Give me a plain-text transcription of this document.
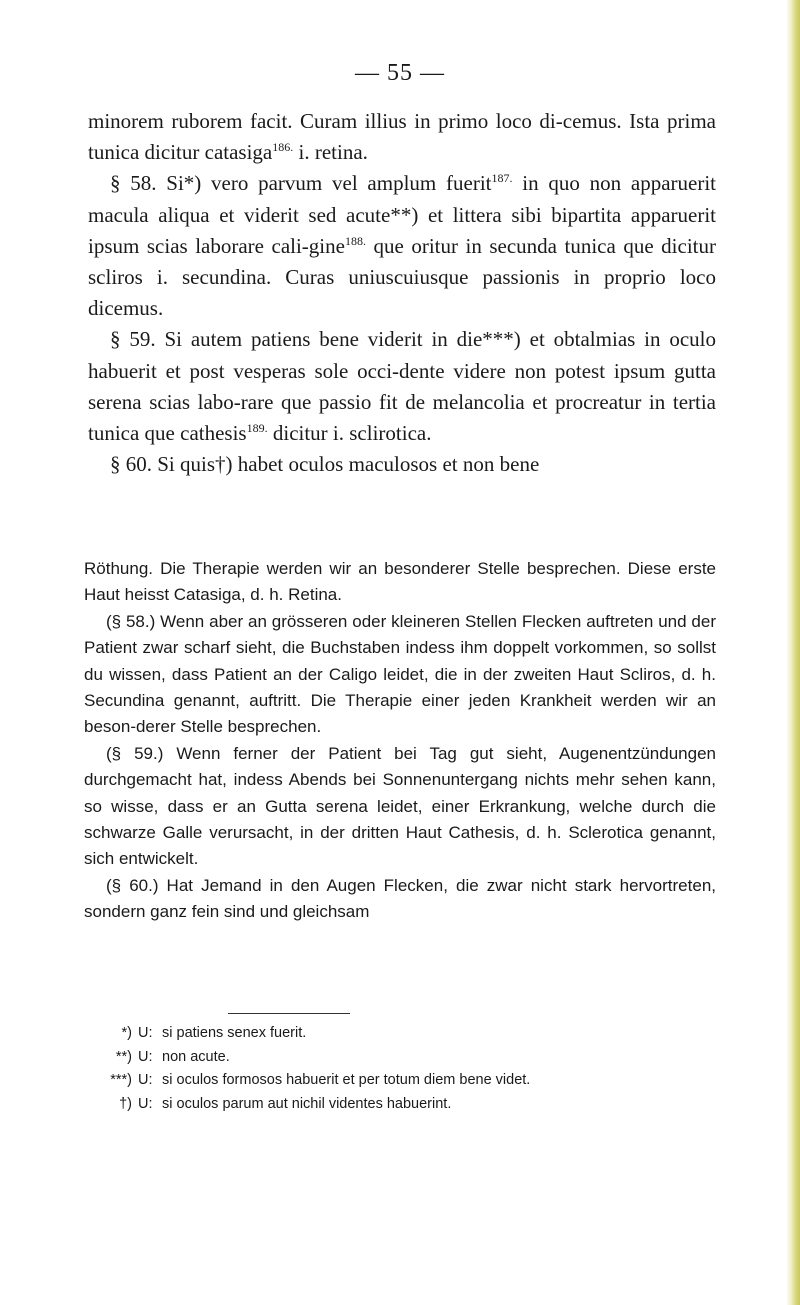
— 55 —

minorem ruborem facit. Curam illius in primo loco di-cemus. Ista prima tunica dicitur catasiga$^{186.}$ i. retina.

§ 58. Si*) vero parvum vel amplum fuerit$^{187.}$ in quo non apparuerit macula aliqua et viderit sed acute**) et littera sibi bipartita apparuerit ipsum scias laborare cali-gine$^{188.}$ que oritur in secunda tunica que dicitur scliros i. secundina. Curas uniuscuiusque passionis in proprio loco dicemus.

§ 59. Si autem patiens bene viderit in die***) et obtalmias in oculo habuerit et post vesperas sole occi-dente videre non potest ipsum gutta serena scias labo-rare que passio fit de melancolia et procreatur in tertia tunica que cathesis$^{189.}$ dicitur i. sclirotica.

§ 60. Si quis†) habet oculos maculosos et non bene

Röthung. Die Therapie werden wir an besonderer Stelle besprechen. Diese erste Haut heisst Catasiga, d. h. Retina.

(§ 58.) Wenn aber an grösseren oder kleineren Stellen Flecken auftreten und der Patient zwar scharf sieht, die Buchstaben indess ihm doppelt vorkommen, so sollst du wissen, dass Patient an der Caligo leidet, die in der zweiten Haut Scliros, d. h. Secundina genannt, auftritt. Die Therapie einer jeden Krankheit werden wir an beson-derer Stelle besprechen.

(§ 59.) Wenn ferner der Patient bei Tag gut sieht, Augenentzündungen durchgemacht hat, indess Abends bei Sonnenuntergang nichts mehr sehen kann, so wisse, dass er an Gutta serena leidet, einer Erkrankung, welche durch die schwarze Galle verursacht, in der dritten Haut Cathesis, d. h. Sclerotica genannt, sich entwickelt.

(§ 60.) Hat Jemand in den Augen Flecken, die zwar nicht stark hervortreten, sondern ganz fein sind und gleichsam

*) U: si patiens senex fuerit.
**) U: non acute.
***) U: si oculos formosos habuerit et per totum diem bene videt.
†) U: si oculos parum aut nichil videntes habuerint.
